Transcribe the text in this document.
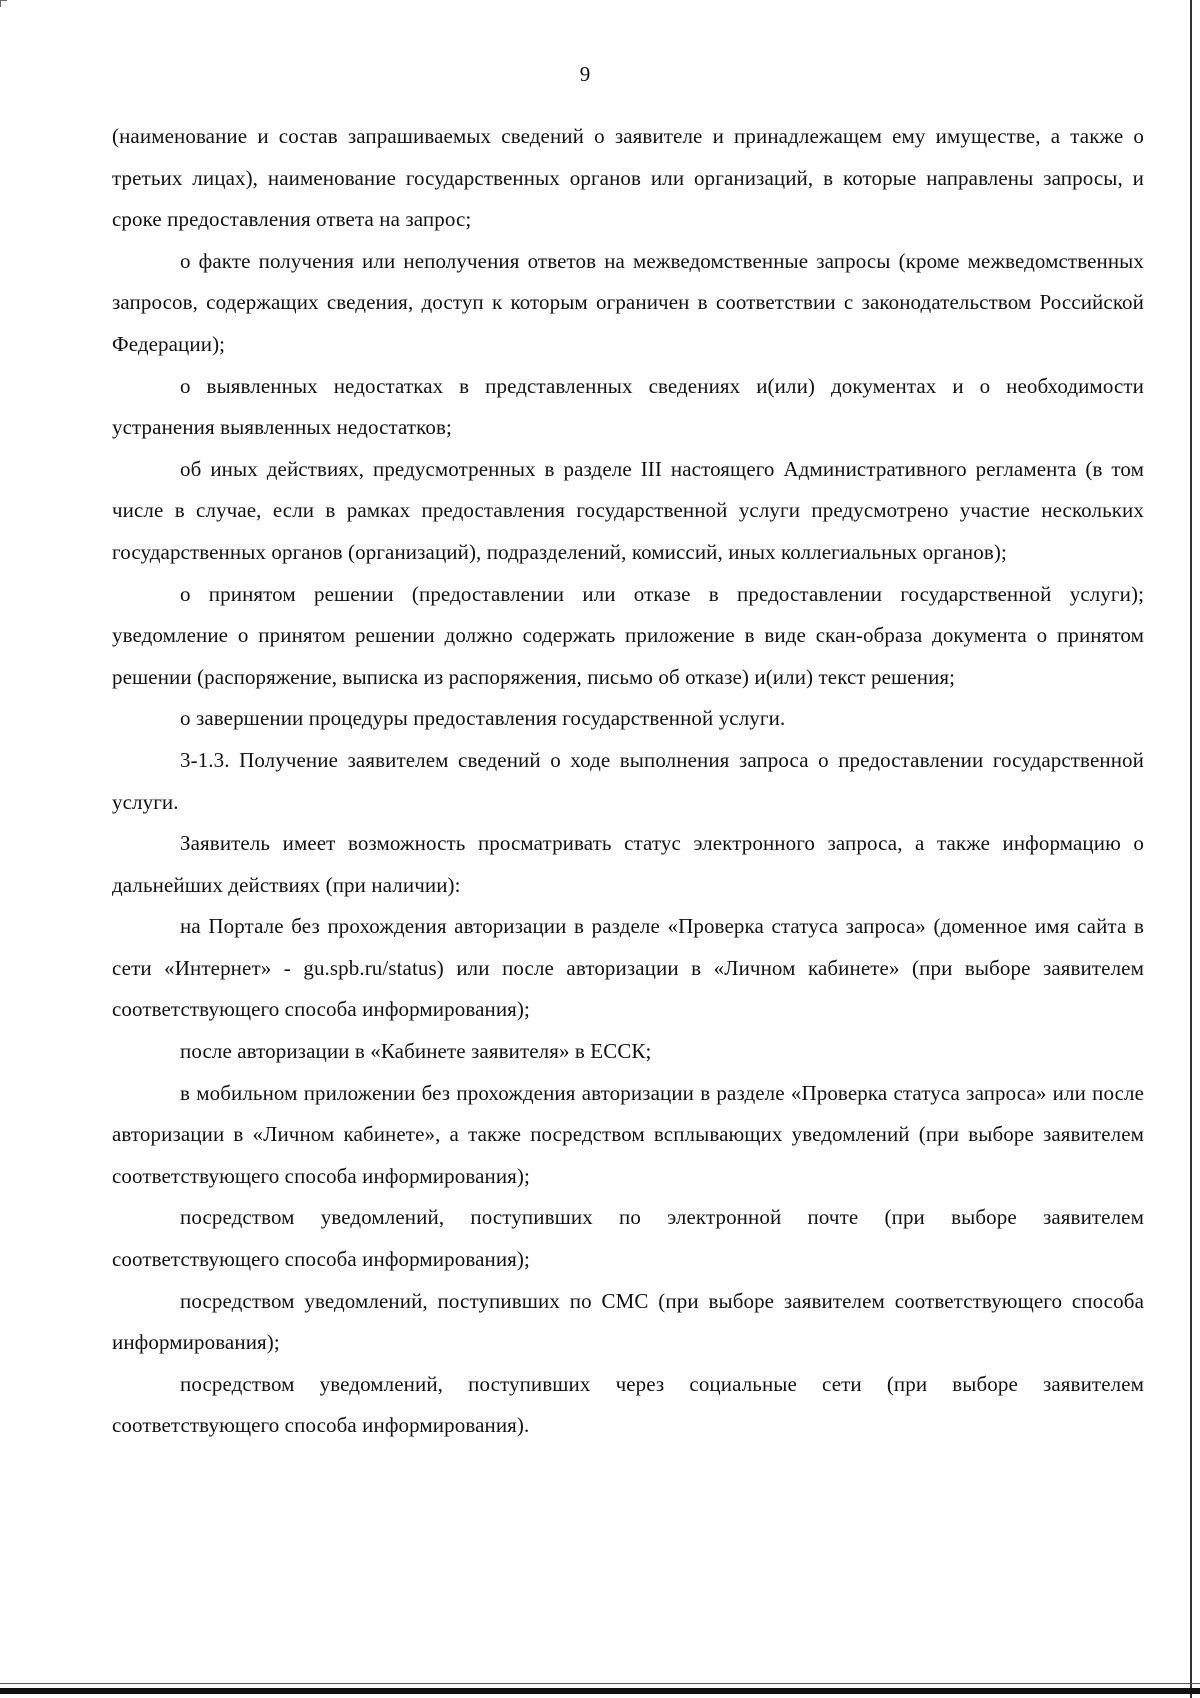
9

(наименование и состав запрашиваемых сведений о заявителе и принадлежащем ему имуществе, а также о третьих лицах), наименование государственных органов или организаций, в которые направлены запросы, и сроке предоставления ответа на запрос;

о факте получения или неполучения ответов на межведомственные запросы (кроме межведомственных запросов, содержащих сведения, доступ к которым ограничен в соответствии с законодательством Российской Федерации);

о выявленных недостатках в представленных сведениях и(или) документах и о необходимости устранения выявленных недостатков;

об иных действиях, предусмотренных в разделе III настоящего Административного регламента (в том числе в случае, если в рамках предоставления государственной услуги предусмотрено участие нескольких государственных органов (организаций), подразделений, комиссий, иных коллегиальных органов);

о принятом решении (предоставлении или отказе в предоставлении государственной услуги); уведомление о принятом решении должно содержать приложение в виде скан-образа документа о принятом решении (распоряжение, выписка из распоряжения, письмо об отказе) и(или) текст решения;

о завершении процедуры предоставления государственной услуги.

3-1.3. Получение заявителем сведений о ходе выполнения запроса о предоставлении государственной услуги.

Заявитель имеет возможность просматривать статус электронного запроса, а также информацию о дальнейших действиях (при наличии):

на Портале без прохождения авторизации в разделе «Проверка статуса запроса» (доменное имя сайта в сети «Интернет» - gu.spb.ru/status) или после авторизации в «Личном кабинете» (при выборе заявителем соответствующего способа информирования);

после авторизации в «Кабинете заявителя» в ЕССК;

в мобильном приложении без прохождения авторизации в разделе «Проверка статуса запроса» или после авторизации в «Личном кабинете», а также посредством всплывающих уведомлений (при выборе заявителем соответствующего способа информирования);

посредством уведомлений, поступивших по электронной почте (при выборе заявителем соответствующего способа информирования);

посредством уведомлений, поступивших по СМС (при выборе заявителем соответствующего способа информирования);

посредством уведомлений, поступивших через социальные сети (при выборе заявителем соответствующего способа информирования).
